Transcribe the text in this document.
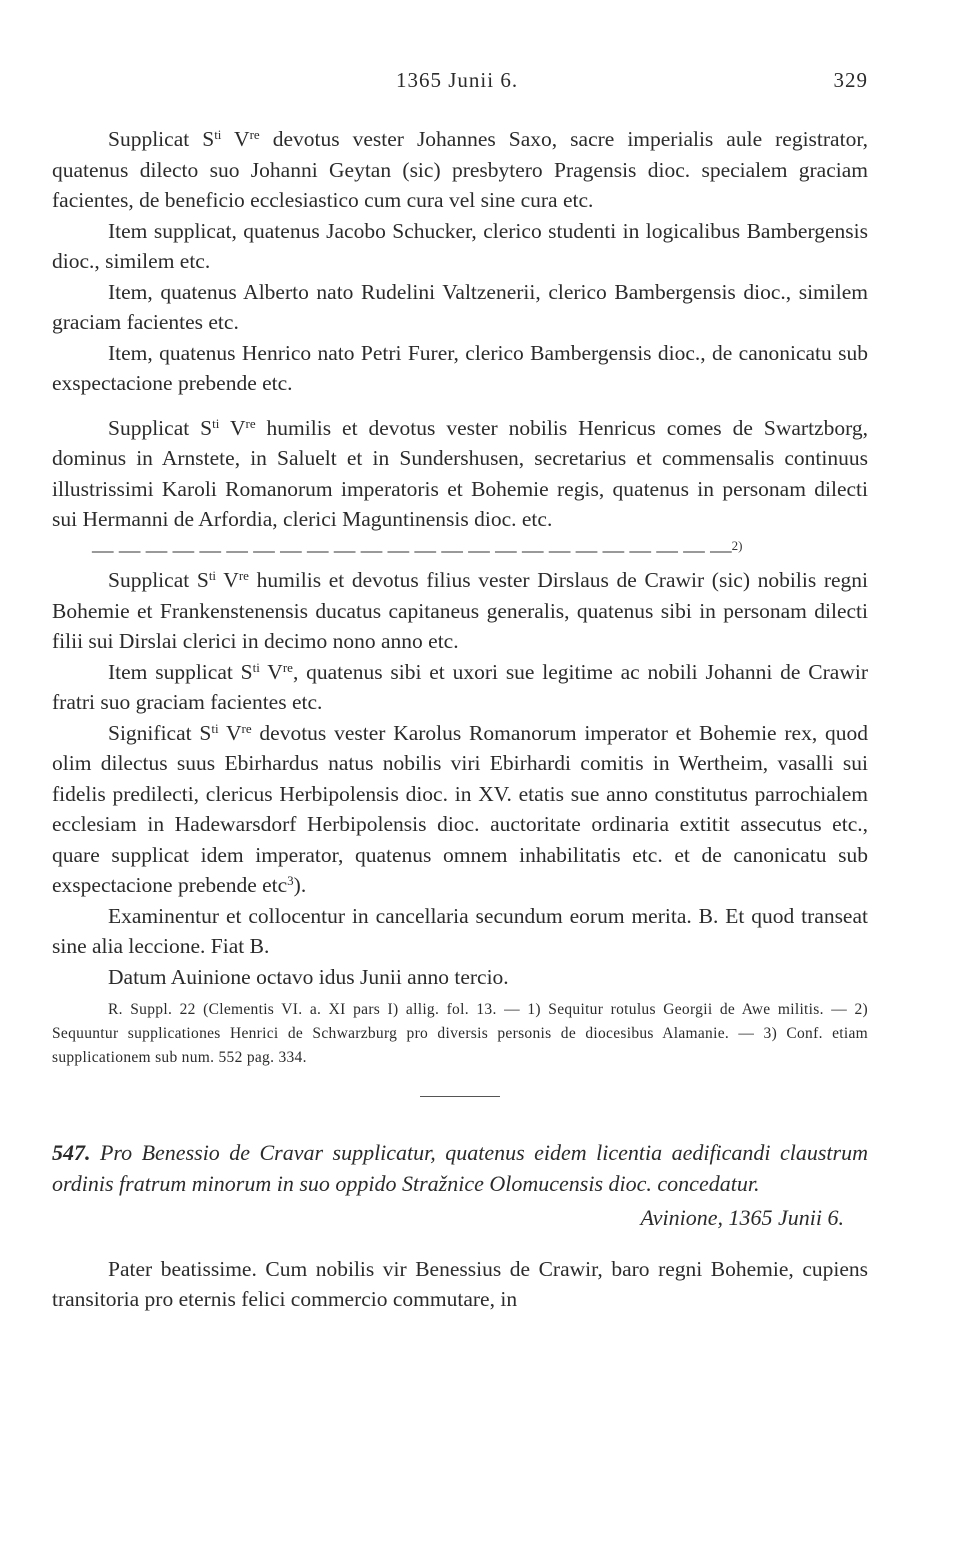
1365 Junii 6.	329

Supplicat $S^{ti}$ Vre devotus vester Johannes Saxo, sacre imperialis aule registrator, quatenus dilecto suo Johanni Geytan (sic) presbytero Pragensis dioc. specialem graciam facientes, de beneficio ecclesiastico cum cura vel sine cura etc.

Item supplicat, quatenus Jacobo Schucker, clerico studenti in logicalibus Bambergensis dioc., similem etc.

Item, quatenus Alberto nato Rudelini Valtzenerii, clerico Bambergensis dioc., similem graciam facientes etc.

Item, quatenus Henrico nato Petri Furer, clerico Bambergensis dioc., de canonicatu sub exspectacione prebende etc.

Supplicat $S^{ti}$ Vre humilis et devotus vester nobilis Henricus comes de Swartzborg, dominus in Arnstete, in Saluelt et in Sundershusen, secretarius et commensalis continuus illustrissimi Karoli Romanorum imperatoris et Bohemie regis, quatenus in personam dilecti sui Hermanni de Arfordia, clerici Maguntinensis dioc. etc.

— — — — — — — — — — — — — — — — — — — — — — — —$^{2)}$

Supplicat $S^{ti}$ Vre humilis et devotus filius vester Dirslaus de Crawir (sic) nobilis regni Bohemie et Frankenstenensis ducatus capitaneus generalis, quatenus sibi in personam dilecti filii sui Dirslai clerici in decimo nono anno etc.

Item supplicat $S^{ti}$ Vre, quatenus sibi et uxori sue legitime ac nobili Johanni de Crawir fratri suo graciam facientes etc.

Significat $S^{ti}$ Vre devotus vester Karolus Romanorum imperator et Bohemie rex, quod olim dilectus suus Ebirhardus natus nobilis viri Ebirhardi comitis in Wertheim, vasalli sui fidelis predilecti, clericus Herbipolensis dioc. in XV. etatis sue anno constitutus parrochialem ecclesiam in Hadewarsdorf Herbipolensis dioc. auctoritate ordinaria extitit assecutus etc., quare supplicat idem imperator, quatenus omnem inhabilitatis etc. et de canonicatu sub exspectacione prebende etc$^3$).

Examinentur et collocentur in cancellaria secundum eorum merita. B. Et quod transeat sine alia leccione. Fiat B.

Datum Auinione octavo idus Junii anno tercio.

R. Suppl. 22 (Clementis VI. a. XI pars I) allig. fol. 13. — 1) Sequitur rotulus Georgii de Awe militis. — 2) Sequuntur supplicationes Henrici de Schwarzburg pro diversis personis de diocesibus Alamanie. — 3) Conf. etiam supplicationem sub num. 552 pag. 334.

547. Pro Benessio de Cravar supplicatur, quatenus eidem licentia aedificandi claustrum ordinis fratrum minorum in suo oppido Stražnice Olomucensis dioc. concedatur.

Avinione, 1365 Junii 6.

Pater beatissime. Cum nobilis vir Benessius de Crawir, baro regni Bohemie, cupiens transitoria pro eternis felici commercio commutare, in
